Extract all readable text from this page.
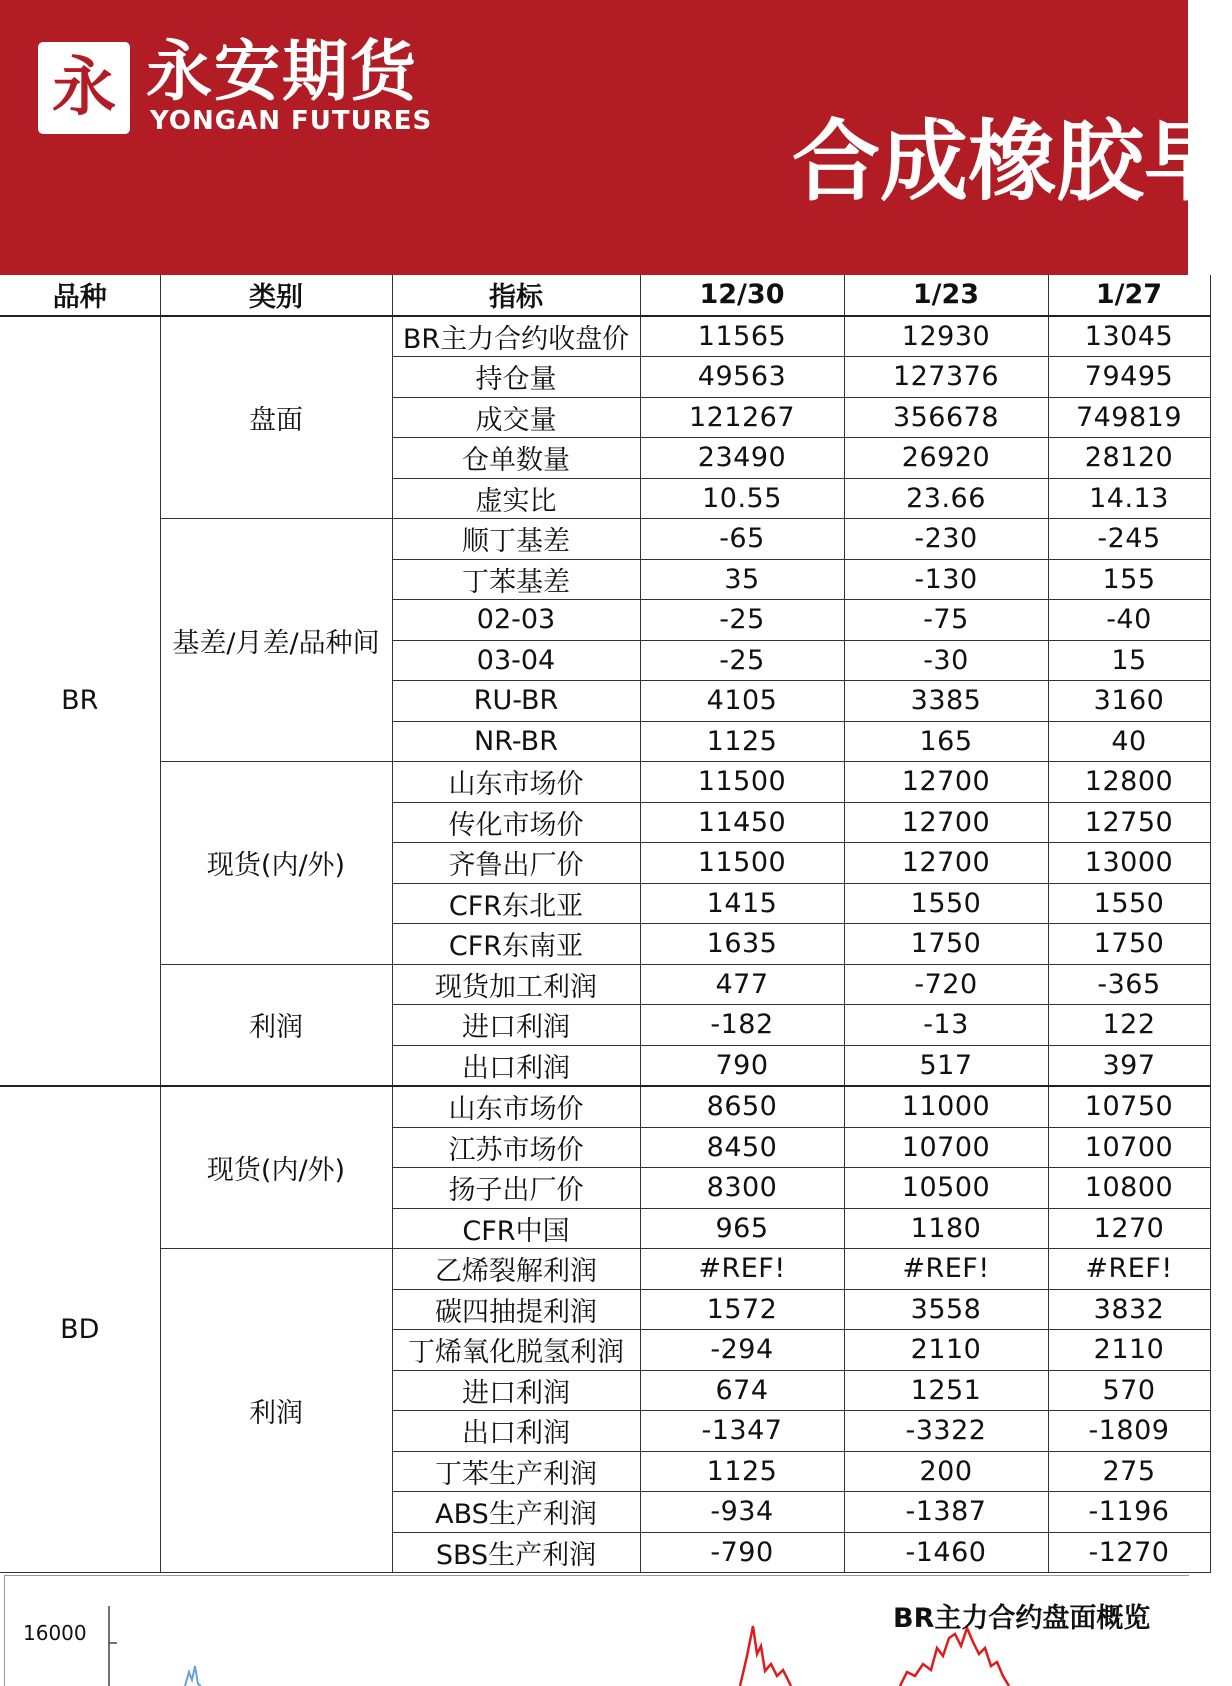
永 永安期货
YONGAN FUTURES	合成橡胶早
品种	类别	指标	12/30	1/23	1/27
BR	盘面	BR主力合约收盘价	11565	12930	13045
		持仓量	49563	127376	79495
		成交量	121267	356678	749819
		仓单数量	23490	26920	28120
		虚实比	10.55	23.66	14.13
	基差/月差/品种间	顺丁基差	-65	-230	-245
		丁苯基差	35	-130	155
		02-03	-25	-75	-40
		03-04	-25	-30	15
		RU-BR	4105	3385	3160
		NR-BR	1125	165	40
	现货(内/外)	山东市场价	11500	12700	12800
		传化市场价	11450	12700	12750
		齐鲁出厂价	11500	12700	13000
		CFR东北亚	1415	1550	1550
		CFR东南亚	1635	1750	1750
	利润	现货加工利润	477	-720	-365
		进口利润	-182	-13	122
		出口利润	790	517	397
BD	现货(内/外)	山东市场价	8650	11000	10750
		江苏市场价	8450	10700	10700
		扬子出厂价	8300	10500	10800
		CFR中国	965	1180	1270
	利润	乙烯裂解利润	#REF!	#REF!	#REF!
		碳四抽提利润	1572	3558	3832
		丁烯氧化脱氢利润	-294	2110	2110
		进口利润	674	1251	570
		出口利润	-1347	-3322	-1809
		丁苯生产利润	1125	200	275
		ABS生产利润	-934	-1387	-1196
		SBS生产利润	-790	-1460	-1270
BR主力合约盘面概览
16000
